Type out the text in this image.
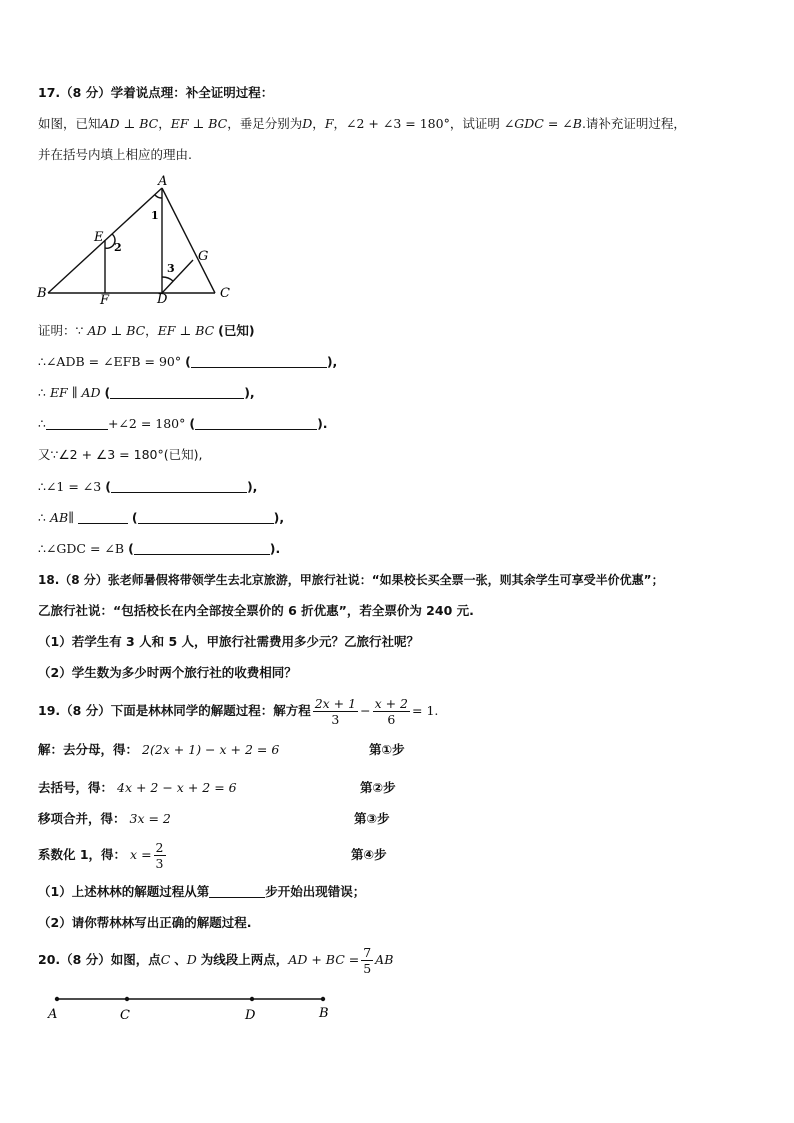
17.（8 分）学着说点理：补全证明过程：
如图，已知AD ⊥ BC，EF ⊥ BC，垂足分别为D，F，∠2 + ∠3 = 180°，试证明 ∠GDC = ∠B.请补充证明过程，
并在括号内填上相应的理由.
A
B	C
D
E
F
G
1
2
3
证明：∵ AD ⊥ BC，EF ⊥ BC (已知)
∴∠ADB = ∠EFB = 90° (	),
∴ EF ∥ AD (	),
∴	+∠2 = 180° (	).
又∵∠2 + ∠3 = 180°(已知),
∴∠1 = ∠3 (	),
∴ AB∥	(	),
∴∠GDC = ∠B (	).
18.（8 分）张老师暑假将带领学生去北京旅游，甲旅行社说：“如果校长买全票一张，则其余学生可享受半价优惠”；
乙旅行社说：“包括校长在内全部按全票价的 6 折优惠”，若全票价为 240 元.
（1）若学生有 3 人和 5 人，甲旅行社需费用多少元？乙旅行社呢？
（2）学生数为多少时两个旅行社的收费相同？
19.（8 分）下面是林林同学的解题过程：解方程 $\frac{2x + 1}{3} - \frac{x + 2}{6} = 1$.
解：去分母，得： 2(2x + 1) − x + 2 = 6	第①步
去括号，得： 4x + 2 − x + 2 = 6	第②步
移项合并，得： 3x = 2	第③步
系数化 1，得： $x = \frac{2}{3}$	第④步
（1）上述林林的解题过程从第	步开始出现错误；
（2）请你帮林林写出正确的解题过程.
20.（8 分）如图，点C 、D 为线段上两点，AD + BC = $\frac{7}{5}$ AB
A	C	D	B
